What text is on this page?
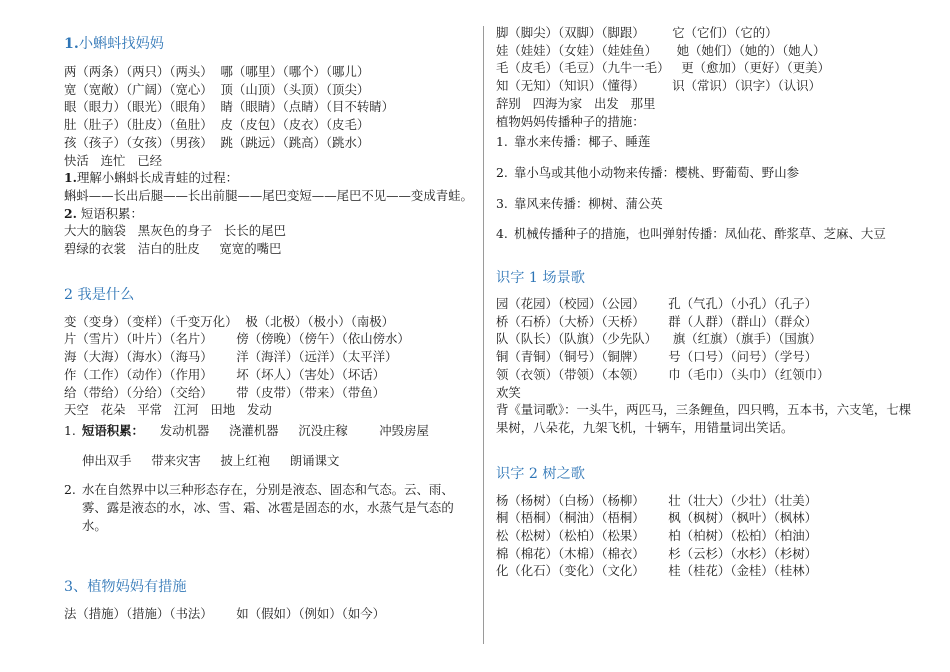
1.小蝌蚪找妈妈

两（两条）（两只）（两头）  哪（哪里）（哪个）（哪儿）

宽（宽敞）（广阔）（宽心）  顶（山顶）（头顶）（顶尖）

眼（眼力）（眼光）（眼角）  睛（眼睛）（点睛）（目不转睛）

肚（肚子）（肚皮）（鱼肚）  皮（皮包）（皮衣）（皮毛）

孩（孩子）（女孩）（男孩）  跳（跳远）（跳高）（跳水）

快活   连忙   已经

1.理解小蝌蚪长成青蛙的过程：

蝌蚪——长出后腿——长出前腿——尾巴变短——尾巴不见——变成青蛙。

2. 短语积累：

大大的脑袋   黑灰色的身子   长长的尾巴

碧绿的衣裳   洁白的肚皮     宽宽的嘴巴

2 我是什么

变（变身）（变样）（千变万化）  极（北极）（极小）（南极）

片（雪片）（叶片）（名片）      傍（傍晚）（傍午）（依山傍水）

海（大海）（海水）（海马）      洋（海洋）（远洋）（太平洋）

作（工作）（动作）（作用）      坏（坏人）（害处）（坏话）

给（带给）（分给）（交给）      带（皮带）（带来）（带鱼）

天空   花朵   平常   江河   田地   发动

1. 短语积累：    发动机器     浇灌机器     沉没庄稼        冲毁房屋

伸出双手     带来灾害     披上红袍     朗诵课文

2. 水在自然界中以三种形态存在，分别是液态、固态和气态。云、雨、雾、露是液态的水，冰、雪、霜、冰雹是固态的水，水蒸气是气态的水。
3、植物妈妈有措施

法（措施）（措施）（书法）      如（假如）（例如）（如今）

脚（脚尖）（双脚）（脚跟）       它（它们）（它的）

娃（娃娃）（女娃）（娃娃鱼）     她（她们）（她的）（她人）

毛（皮毛）（毛豆）（九牛一毛）   更（愈加）（更好）（更美）

知（无知）（知识）（懂得）       识（常识）（识字）（认识）

辞别   四海为家   出发   那里

植物妈妈传播种子的措施：

1. 靠水来传播：椰子、睡莲
2. 靠小鸟或其他小动物来传播：樱桃、野葡萄、野山参
3. 靠风来传播：柳树、蒲公英
4. 机械传播种子的措施，也叫弹射传播：凤仙花、酢浆草、芝麻、大豆
识字 1 场景歌

园（花园）（校园）（公园）      孔（气孔）（小孔）（孔子）

桥（石桥）（大桥）（天桥）      群（人群）（群山）（群众）

队（队长）（队旗）（少先队）    旗（红旗）（旗手）（国旗）

铜（青铜）（铜号）（铜牌）      号（口号）（问号）（学号）

领（衣领）（带领）（本领）      巾（毛巾）（头巾）（红领巾）

欢笑

背《量词歌》：一头牛，两匹马，三条鲤鱼，四只鸭，五本书，六支笔，七棵果树，八朵花，九架飞机，十辆车，用错量词出笑话。

识字 2 树之歌

杨（杨树）（白杨）（杨柳）      壮（壮大）（少壮）（壮美）

桐（梧桐）（桐油）（梧桐）      枫（枫树）（枫叶）（枫林）

松（松树）（松柏）（松果）      柏（柏树）（松柏）（柏油）

棉（棉花）（木棉）（棉衣）      杉（云杉）（水杉）（杉树）

化（化石）（变化）（文化）      桂（桂花）（金桂）（桂林）
